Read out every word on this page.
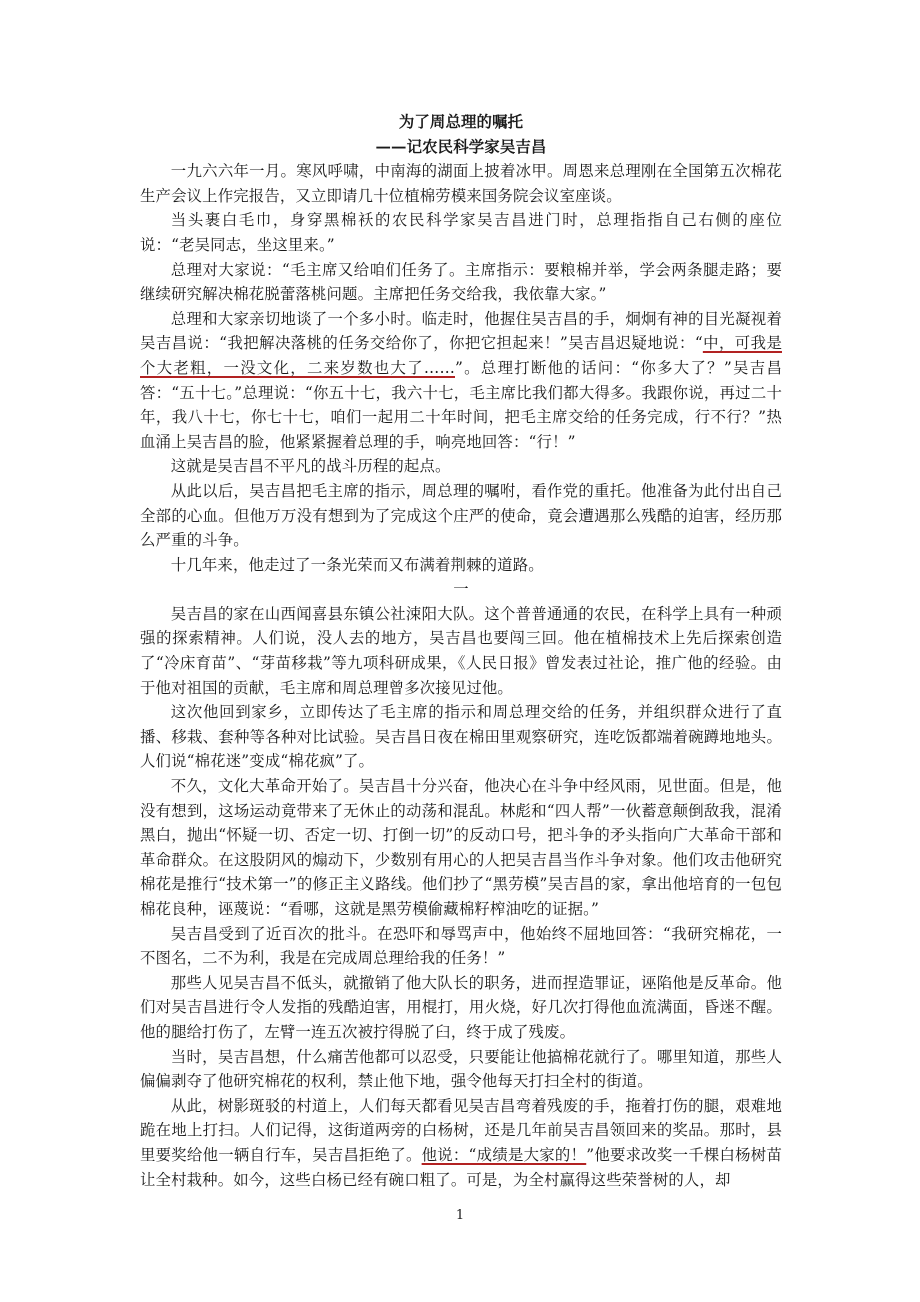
为了周总理的嘱托

——记农民科学家吴吉昌

一九六六年一月。寒风呼啸，中南海的湖面上披着冰甲。周恩来总理刚在全国第五次棉花生产会议上作完报告，又立即请几十位植棉劳模来国务院会议室座谈。

当头裹白毛巾，身穿黑棉袄的农民科学家吴吉昌进门时，总理指指自己右侧的座位说：“老吴同志，坐这里来。”

总理对大家说：“毛主席又给咱们任务了。主席指示：要粮棉并举，学会两条腿走路；要继续研究解决棉花脱蕾落桃问题。主席把任务交给我，我依靠大家。”

总理和大家亲切地谈了一个多小时。临走时，他握住吴吉昌的手，炯炯有神的目光凝视着吴吉昌说：“我把解决落桃的任务交给你了，你把它担起来！”吴吉昌迟疑地说：“中，可我是个大老粗，一没文化，二来岁数也大了……”。总理打断他的话问：“你多大了？”吴吉昌答：“五十七。”总理说：“你五十七，我六十七，毛主席比我们都大得多。我跟你说，再过二十年，我八十七，你七十七，咱们一起用二十年时间，把毛主席交给的任务完成，行不行？”热血涌上吴吉昌的脸，他紧紧握着总理的手，响亮地回答：“行！”

这就是吴吉昌不平凡的战斗历程的起点。

从此以后，吴吉昌把毛主席的指示，周总理的嘱咐，看作党的重托。他准备为此付出自己全部的心血。但他万万没有想到为了完成这个庄严的使命，竟会遭遇那么残酷的迫害，经历那么严重的斗争。

十几年来，他走过了一条光荣而又布满着荆棘的道路。

一

吴吉昌的家在山西闻喜县东镇公社涑阳大队。这个普普通通的农民，在科学上具有一种顽强的探索精神。人们说，没人去的地方，吴吉昌也要闯三回。他在植棉技术上先后探索创造了“冷床育苗”、“芽苗移栽”等九项科研成果，《人民日报》曾发表过社论，推广他的经验。由于他对祖国的贡献，毛主席和周总理曾多次接见过他。

这次他回到家乡，立即传达了毛主席的指示和周总理交给的任务，并组织群众进行了直播、移栽、套种等各种对比试验。吴吉昌日夜在棉田里观察研究，连吃饭都端着碗蹲地地头。人们说“棉花迷”变成“棉花疯”了。

不久，文化大革命开始了。吴吉昌十分兴奋，他决心在斗争中经风雨，见世面。但是，他没有想到，这场运动竟带来了无休止的动荡和混乱。林彪和“四人帮”一伙蓄意颠倒敌我，混淆黑白，抛出“怀疑一切、否定一切、打倒一切”的反动口号，把斗争的矛头指向广大革命干部和革命群众。在这股阴风的煽动下，少数别有用心的人把吴吉昌当作斗争对象。他们攻击他研究棉花是推行“技术第一”的修正主义路线。他们抄了“黑劳模”吴吉昌的家，拿出他培育的一包包棉花良种，诬蔑说：“看哪，这就是黑劳模偷藏棉籽榨油吃的证据。”

吴吉昌受到了近百次的批斗。在恐吓和辱骂声中，他始终不屈地回答：“我研究棉花，一不图名，二不为利，我是在完成周总理给我的任务！”

那些人见吴吉昌不低头，就撤销了他大队长的职务，进而捏造罪证，诬陷他是反革命。他们对吴吉昌进行令人发指的残酷迫害，用棍打，用火烧，好几次打得他血流满面，昏迷不醒。他的腿给打伤了，左臂一连五次被拧得脱了臼，终于成了残废。

当时，吴吉昌想，什么痛苦他都可以忍受，只要能让他搞棉花就行了。哪里知道，那些人偏偏剥夺了他研究棉花的权利，禁止他下地，强令他每天打扫全村的街道。

从此，树影斑驳的村道上，人们每天都看见吴吉昌弯着残废的手，拖着打伤的腿，艰难地跪在地上打扫。人们记得，这街道两旁的白杨树，还是几年前吴吉昌领回来的奖品。那时，县里要奖给他一辆自行车，吴吉昌拒绝了。他说：“成绩是大家的！”他要求改奖一千棵白杨树苗让全村栽种。如今，这些白杨已经有碗口粗了。可是，为全村赢得这些荣誉树的人，却

1
